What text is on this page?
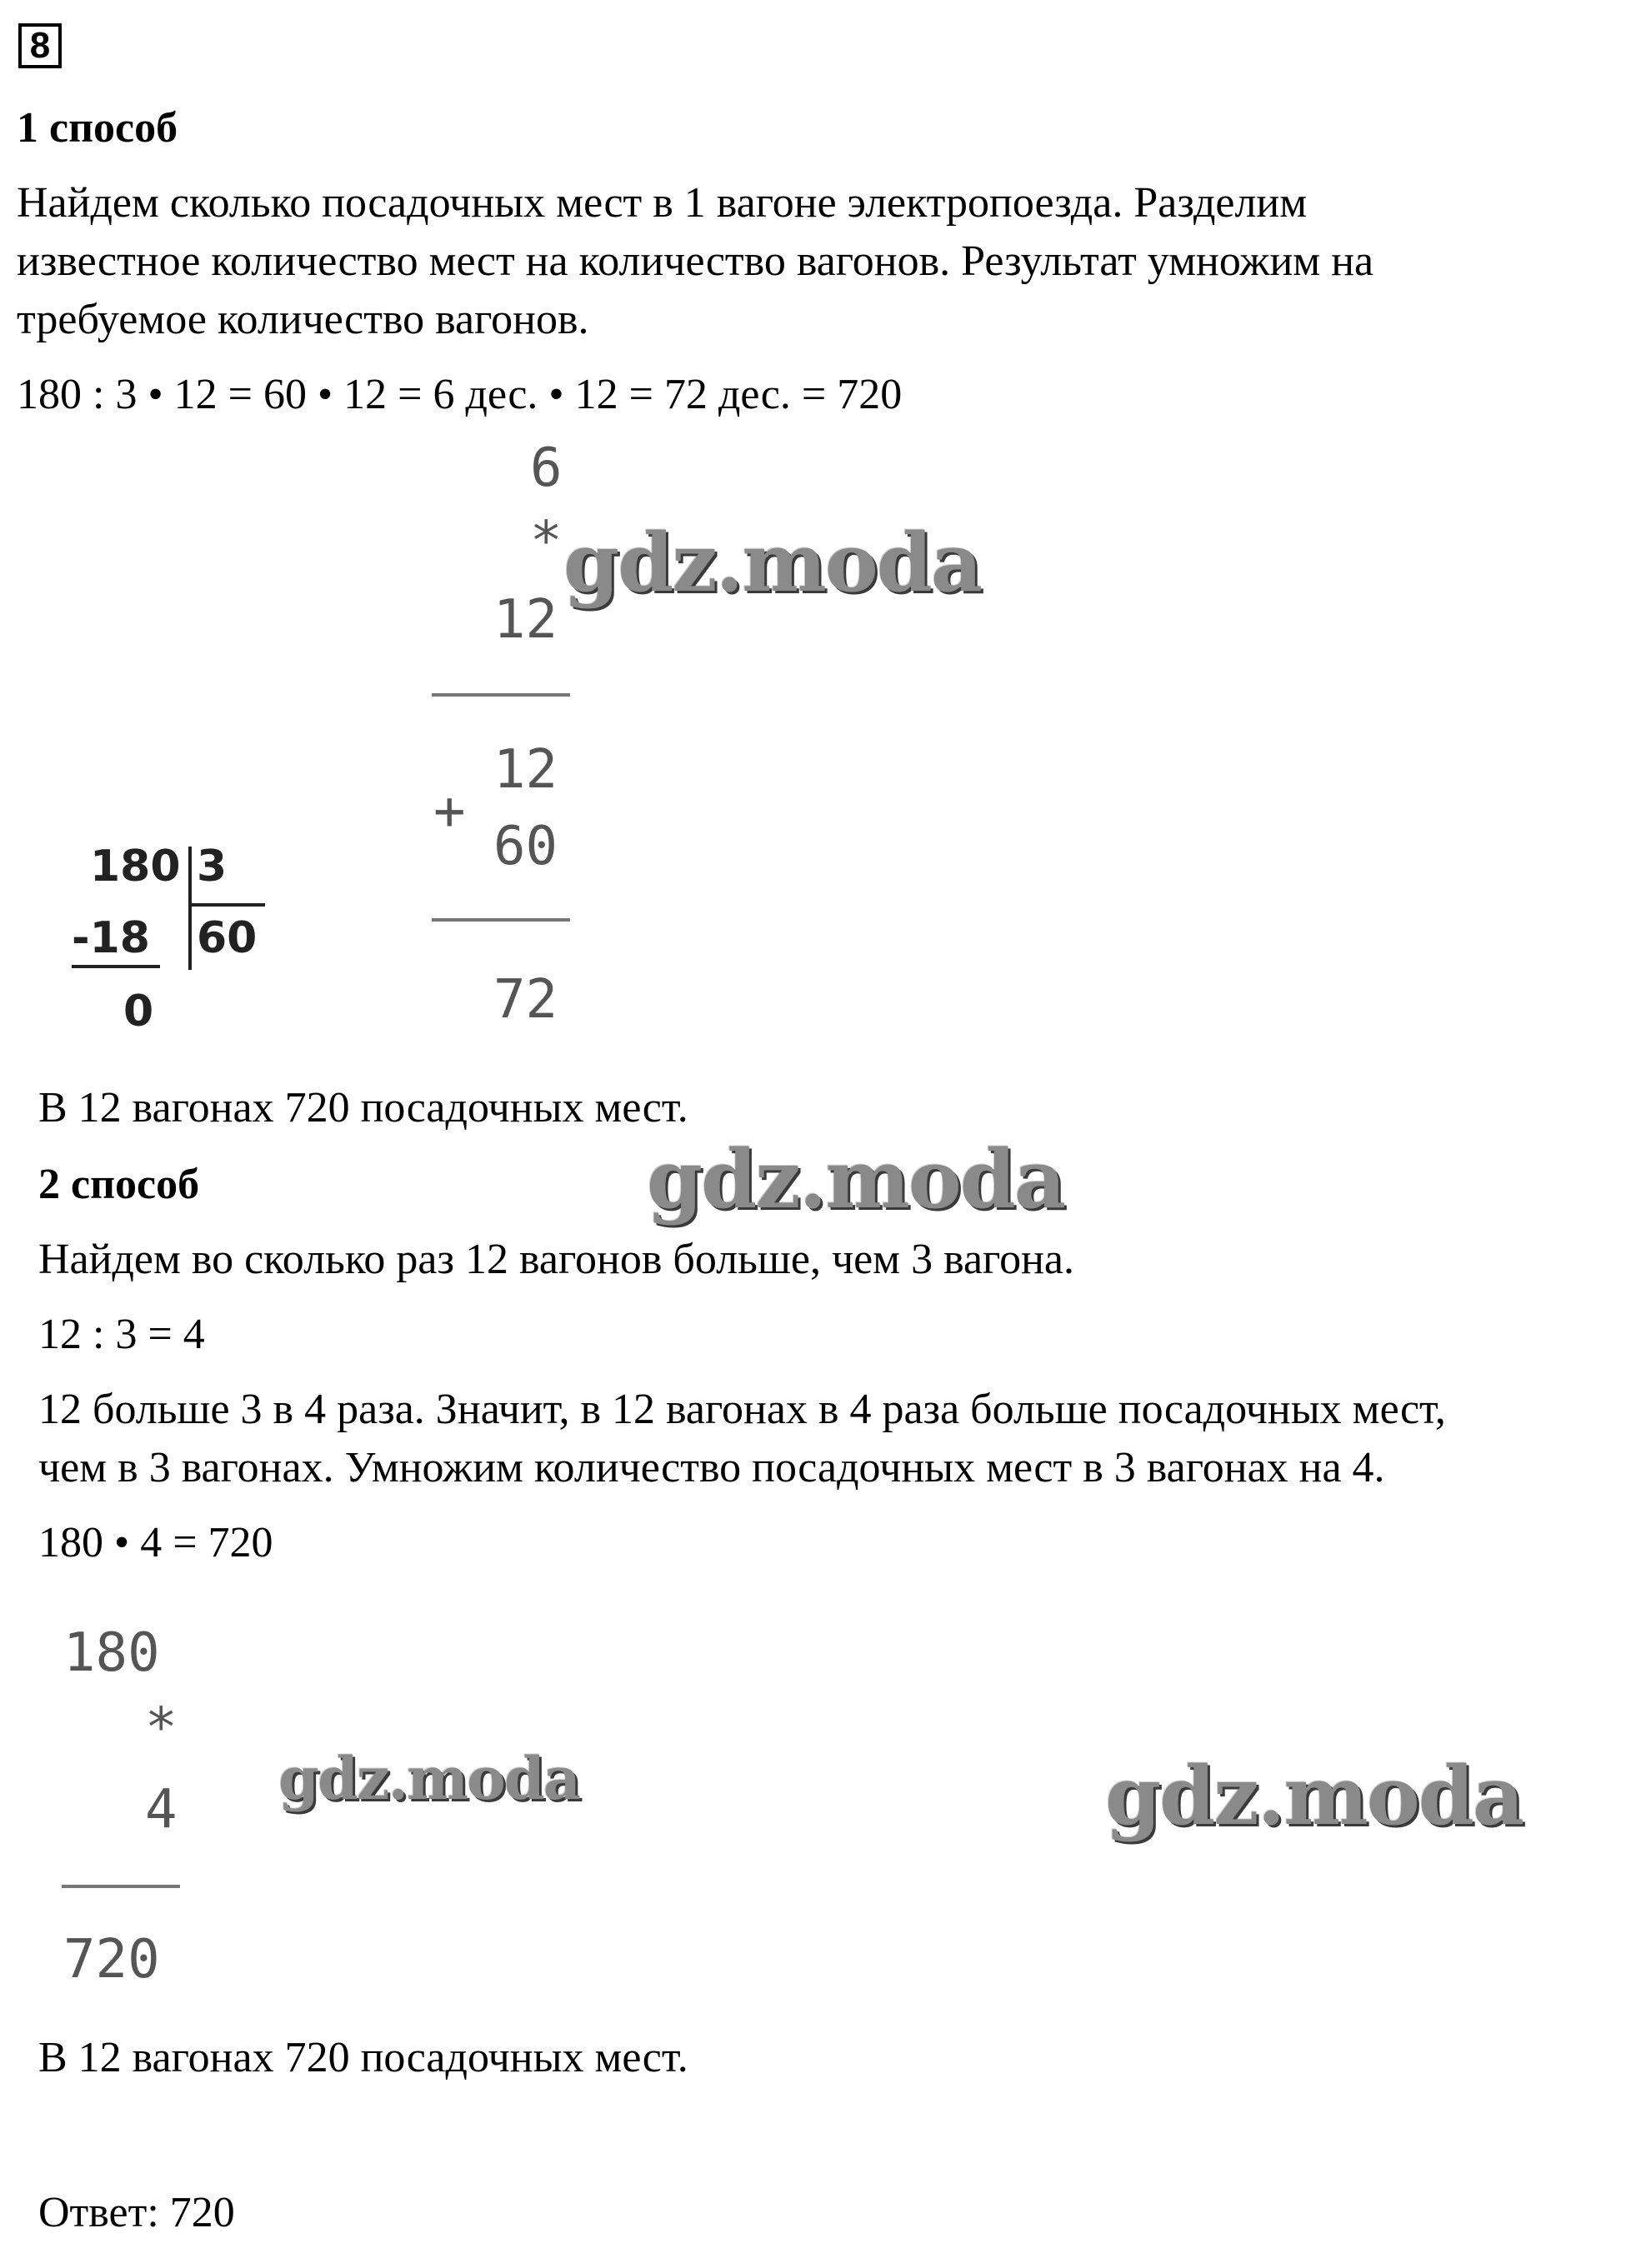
8
1 способ
Найдем сколько посадочных мест в 1 вагоне электропоезда. Разделим
известное количество мест на количество вагонов. Результат умножим на
требуемое количество вагонов.
180 : 3 • 12 = 60 • 12 = 6 дес. • 12 = 72 дес. = 720
6
*
12
12
+
60
72
180 3
-18 60
0
В 12 вагонах 720 посадочных мест.
2 способ
Найдем во сколько раз 12 вагонов больше, чем 3 вагона.
12 : 3 = 4
12 больше 3 в 4 раза. Значит, в 12 вагонах в 4 раза больше посадочных мест,
чем в 3 вагонах. Умножим количество посадочных мест в 3 вагонах на 4.
180 • 4 = 720
180
*
4
720
В 12 вагонах 720 посадочных мест.
Ответ: 720
gdz.moda
gdz.moda
gdz.moda	gdz.moda
